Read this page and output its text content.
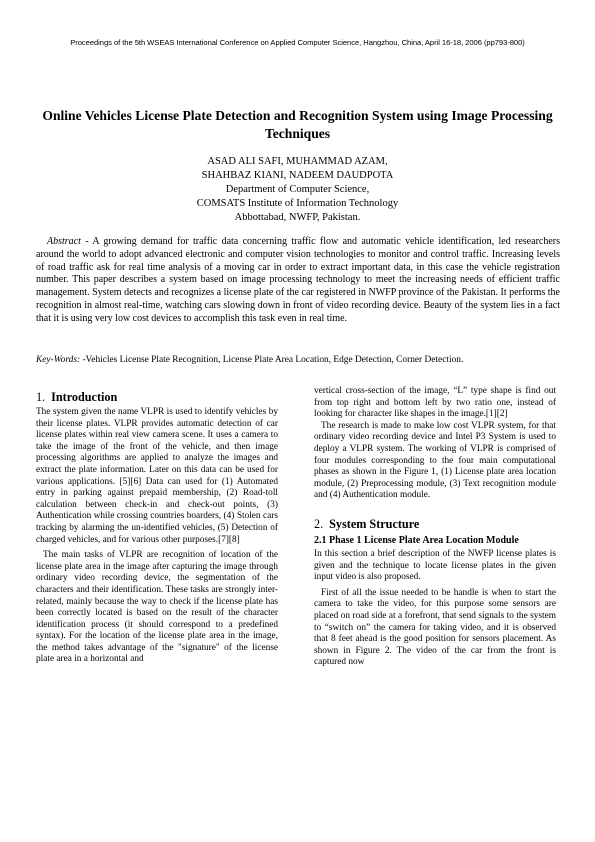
Proceedings of the 5th WSEAS International Conference on Applied Computer Science, Hangzhou, China, April 16-18, 2006 (pp793-800)
Online Vehicles License Plate Detection and Recognition System using Image Processing Techniques
ASAD ALI SAFI, MUHAMMAD AZAM,
SHAHBAZ KIANI, NADEEM DAUDPOTA
Department of Computer Science,
COMSATS Institute of Information Technology
Abbottabad, NWFP, Pakistan.
Abstract - A growing demand for traffic data concerning traffic flow and automatic vehicle identification, led researchers around the world to adopt advanced electronic and computer vision technologies to monitor and control traffic. Increasing levels of road traffic ask for real time analysis of a moving car in order to extract important data, in this case the vehicle registration number. This paper describes a system based on image processing technology to meet the increasing needs of efficient traffic management. System detects and recognizes a license plate of the car registered in NWFP province of the Pakistan. It performs the recognition in almost real-time, watching cars slowing down in front of video recording device. Beauty of the system lies in a fact that it is using very low cost devices to accomplish this task even in real time.
Key-Words: -Vehicles License Plate Recognition, License Plate Area Location, Edge Detection, Corner Detection.
1. Introduction

The system given the name VLPR is used to identify vehicles by their license plates. VLPR provides automatic detection of car license plates within real view camera scene. It uses a camera to take the image of the front of the vehicle, and then image processing algorithms are applied to analyze the images and extract the plate information. Later on this data can be used for various applications. [5][6] Data can used for (1) Automated entry in parking against prepaid membership, (2) Road-toll calculation between check-in and check-out points, (3) Authentication while crossing countries boarders, (4) Stolen cars tracking by alarming the un-identified vehicles, (5) Detection of charged vehicles, and for various other purposes.[7][8]

The main tasks of VLPR are recognition of location of the license plate area in the image after capturing the image through ordinary video recording device, the segmentation of the characters and their identification. These tasks are strongly inter-related, mainly because the way to check if the license plate has been correctly located is based on the result of the character identification process (it should correspond to a predefined syntax). For the location of the license plate area in the image, the method takes advantage of the "signature" of the license plate area in a horizontal and

vertical cross-section of the image, “L” type shape is find out from top right and bottom left by two ratio one, instead of looking for character like shapes in the image.[1][2]

The research is made to make low cost VLPR system, for that ordinary video recording device and Intel P3 System is used to deploy a VLPR system. The working of VLPR is comprised of four modules corresponding to the four main computational phases as shown in the Figure 1, (1) License plate area location module, (2) Preprocessing module, (3) Text recognition module and (4) Authentication module.

2. System Structure
2.1 Phase 1 License Plate Area Location Module

In this section a brief description of the NWFP license plates is given and the technique to locate license plates in the given input video is also proposed.

First of all the issue needed to be handle is when to start the camera to take the video, for this purpose some sensors are placed on road side at a forefront, that send signals to the system to “switch on” the camera for taking video, and it is observed that 8 feet ahead is the good position for sensors placement. As shown in Figure 2. The video of the car from the front is captured now
